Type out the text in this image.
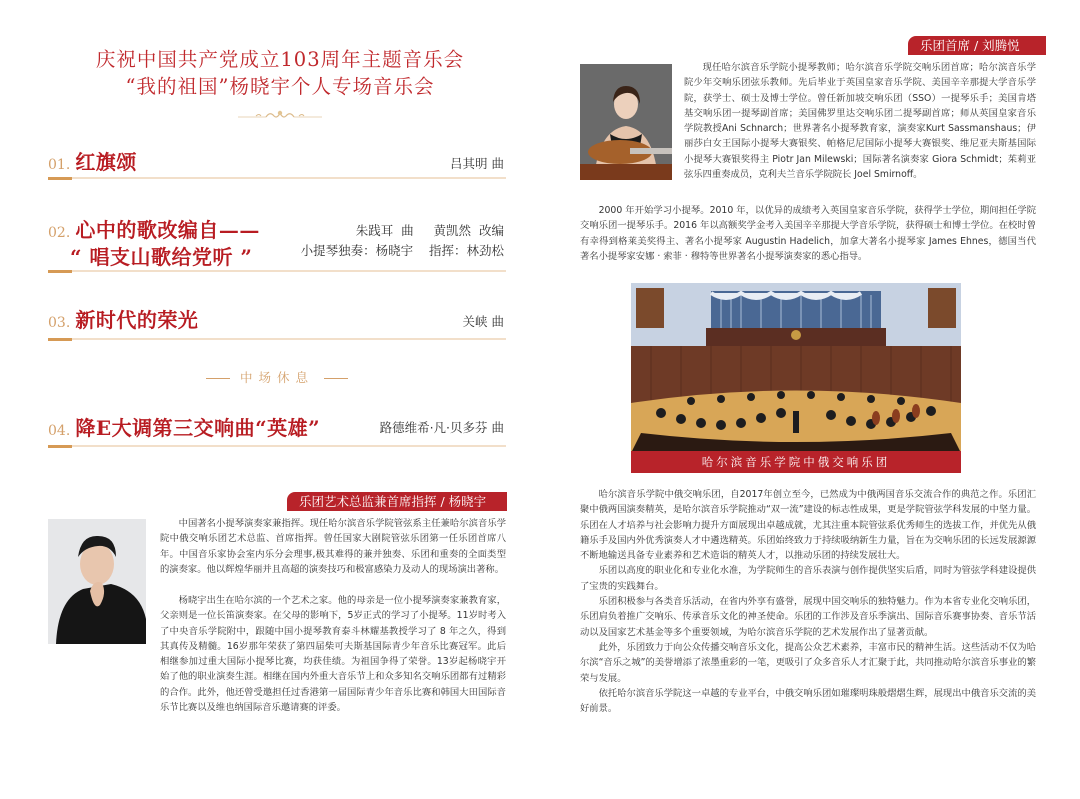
庆祝中国共产党成立103周年主题音乐会
“我的祖国”杨晓宇个人专场音乐会
01. 红旗颂	吕其明 曲
02. 心中的歌改编自——
“ 唱支山歌给党听 ”
朱践耳  曲     黄凯然  改编
小提琴独奏：杨晓宇    指挥：林劲松
03. 新时代的荣光	关峡 曲
中场休息
04. 降E大调第三交响曲“英雄”	路德维希·凡·贝多芬 曲
乐团艺术总监兼首席指挥 / 杨晓宇

中国著名小提琴演奏家兼指挥。现任哈尔滨音乐学院管弦系主任兼哈尔滨音乐学院中俄交响乐团艺术总监、首席指挥。曾任国家大剧院管弦乐团第一任乐团首席八年。中国音乐家协会室内乐分会理事,极其难得的兼并独奏、乐团和重奏的全面类型的演奏家。他以辉煌华丽并且高超的演奏技巧和极富感染力及动人的现场演出著称。

杨晓宇出生在哈尔滨的一个艺术之家。他的母亲是一位小提琴演奏家兼教育家，父亲则是一位长笛演奏家。在父母的影响下，5岁正式的学习了小提琴。11岁时考入了中央音乐学院附中，跟随中国小提琴教育泰斗林耀基教授学习了 8 年之久，得到其真传及精髓。16岁那年荣获了第四届柴可夫斯基国际青少年音乐比赛冠军。此后相继参加过重大国际小提琴比赛，均获佳绩。为祖国争得了荣誉。13岁起杨晓宇开始了他的职业演奏生涯。相继在国内外重大音乐节上和众多知名交响乐团都有过精彩的合作。此外，他还曾受邀担任过香港第一届国际青少年音乐比赛和韩国大田国际音乐节比赛以及维也纳国际音乐邀请赛的评委。

乐团首席 / 刘腾悦

现任哈尔滨音乐学院小提琴教师；哈尔滨音乐学院交响乐团首席；哈尔滨音乐学院少年交响乐团弦乐教师。先后毕业于英国皇家音乐学院、美国辛辛那提大学音乐学院，获学士、硕士及博士学位。曾任新加坡交响乐团（SSO）一提琴乐手；美国肯塔基交响乐团一提琴副首席；美国佛罗里达交响乐团二提琴副首席；师从英国皇家音乐学院教授Ani Schnarch；世界著名小提琴教育家，演奏家Kurt Sassmanshaus；伊丽莎白女王国际小提琴大赛银奖、帕格尼尼国际小提琴大赛银奖、维尼亚夫斯基国际小提琴大赛银奖得主 Piotr Jan Milewski；国际著名演奏家 Giora Schmidt；茱莉亚弦乐四重奏成员，克利夫兰音乐学院院长 Joel Smirnoff。

2000 年开始学习小提琴。2010 年，以优异的成绩考入英国皇家音乐学院，获得学士学位，期间担任学院交响乐团一提琴乐手。2016 年以高额奖学金考入美国辛辛那提大学音乐学院，获得硕士和博士学位。在校时曾有幸得到格莱美奖得主、著名小提琴家 Augustin Hadelich，加拿大著名小提琴家 James Ehnes，德国当代著名小提琴家安娜 · 索菲 · 穆特等世界著名小提琴演奏家的悉心指导。

哈尔滨音乐学院中俄交响乐团

哈尔滨音乐学院中俄交响乐团，自2017年创立至今，已然成为中俄两国音乐交流合作的典范之作。乐团汇聚中俄两国演奏精英，是哈尔滨音乐学院推动“双一流”建设的标志性成果，更是学院管弦学科发展的中坚力量。乐团在人才培养与社会影响力提升方面展现出卓越成就，尤其注重本院管弦系优秀师生的选拔工作，并优先从俄籍乐手及国内外优秀演奏人才中遴选精英。乐团始终致力于持续吸纳新生力量，旨在为交响乐团的长远发展源源不断地输送具备专业素养和艺术造诣的精英人才，以推动乐团的持续发展壮大。

乐团以高度的职业化和专业化水准，为学院师生的音乐表演与创作提供坚实后盾，同时为管弦学科建设提供了宝贵的实践舞台。

乐团积极参与各类音乐活动，在省内外享有盛誉，展现中国交响乐的独特魅力。作为本省专业化交响乐团，乐团肩负着推广交响乐、传承音乐文化的神圣使命。乐团的工作涉及音乐季演出、国际音乐赛事协奏、音乐节活动以及国家艺术基金等多个重要领域，为哈尔滨音乐学院的艺术发展作出了显著贡献。

此外，乐团致力于向公众传播交响音乐文化，提高公众艺术素养，丰富市民的精神生活。这些活动不仅为哈尔滨“音乐之城”的美誉增添了浓墨重彩的一笔，更吸引了众多音乐人才汇聚于此，共同推动哈尔滨音乐事业的繁荣与发展。

依托哈尔滨音乐学院这一卓越的专业平台，中俄交响乐团如璀璨明珠般熠熠生辉，展现出中俄音乐交流的美好前景。
